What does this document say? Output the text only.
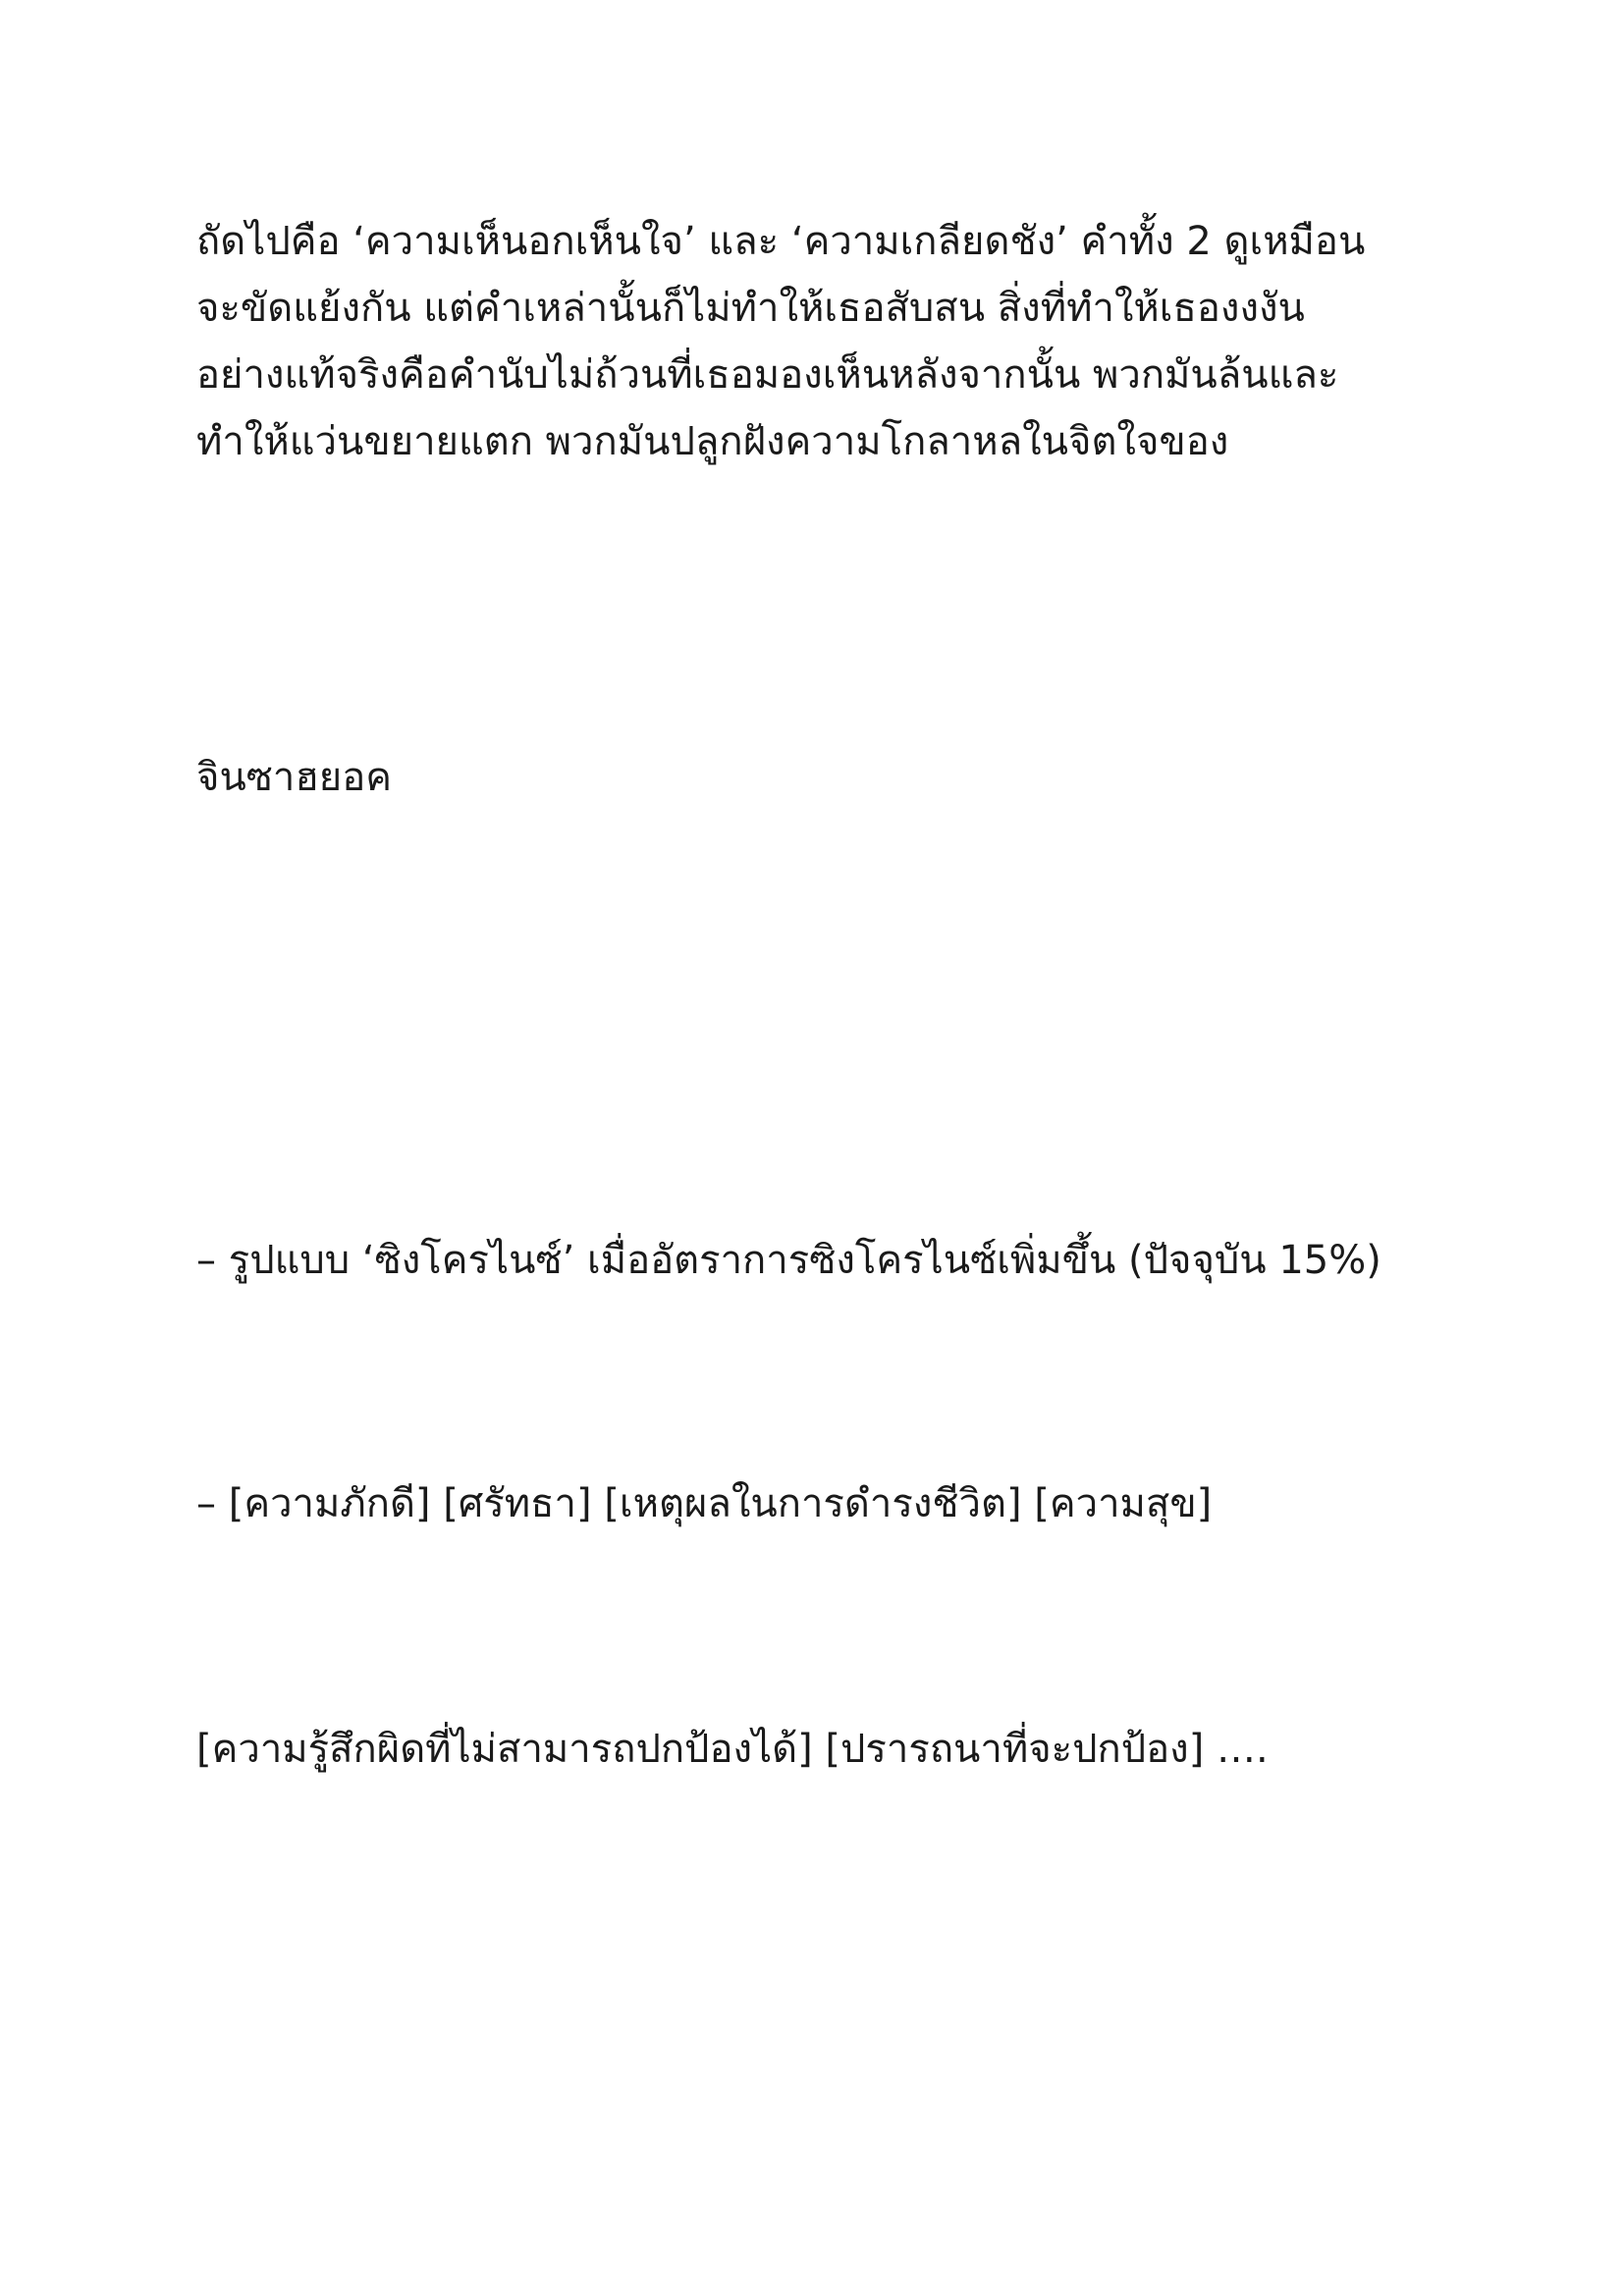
ถัดไปคือ ‘ความเห็นอกเห็นใจ’ และ ‘ความเกลียดชัง’ คำทั้ง 2 ดูเหมือน
จะขัดแย้งกัน แต่คำเหล่านั้นก็ไม่ทำให้เธอสับสน สิ่งที่ทำให้เธองงงัน
อย่างแท้จริงคือคำนับไม่ถ้วนที่เธอมองเห็นหลังจากนั้น พวกมันล้นและ
ทำให้แว่นขยายแตก พวกมันปลูกฝังความโกลาหลในจิตใจของ
จินซาฮยอค
– รูปแบบ ‘ซิงโครไนซ์’ เมื่ออัตราการซิงโครไนซ์เพิ่มขึ้น (ปัจจุบัน 15%)
– [ความภักดี] [ศรัทธา] [เหตุผลในการดำรงชีวิต] [ความสุข]
[ความรู้สึกผิดที่ไม่สามารถปกป้องได้] [ปรารถนาที่จะปกป้อง] ….
